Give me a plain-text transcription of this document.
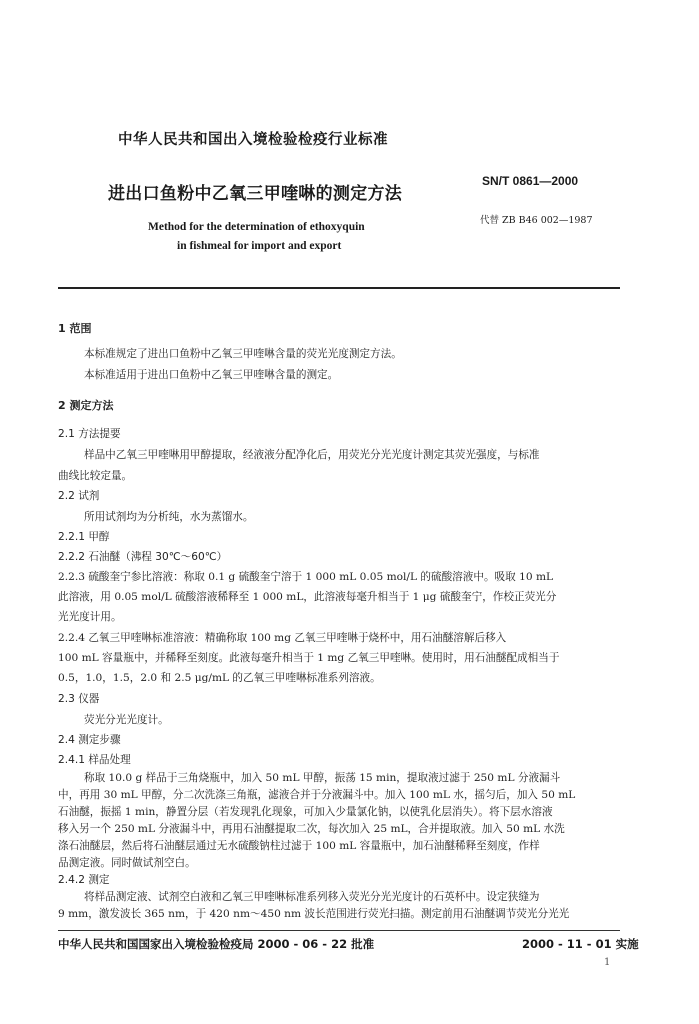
中华人民共和国出入境检验检疫行业标准
进出口鱼粉中乙氧三甲喹啉的测定方法
SN/T 0861—2000
代替 ZB B46 002—1987
Method for the determination of ethoxyquin
in fishmeal for import and export
1 范围
本标准规定了进出口鱼粉中乙氧三甲喹啉含量的荧光光度测定方法。
本标准适用于进出口鱼粉中乙氧三甲喹啉含量的测定。
2 测定方法
2.1 方法提要
样品中乙氧三甲喹啉用甲醇提取，经液液分配净化后，用荧光分光光度计测定其荧光强度，与标准
曲线比较定量。
2.2 试剂
所用试剂均为分析纯，水为蒸馏水。
2.2.1 甲醇
2.2.2 石油醚（沸程 30℃～60℃）
2.2.3 硫酸奎宁参比溶液：称取 0.1 g 硫酸奎宁溶于 1 000 mL 0.05 mol/L 的硫酸溶液中。吸取 10 mL
此溶液，用 0.05 mol/L 硫酸溶液稀释至 1 000 mL，此溶液每毫升相当于 1 μg 硫酸奎宁，作校正荧光分
光光度计用。
2.2.4 乙氧三甲喹啉标准溶液：精确称取 100 mg 乙氧三甲喹啉于烧杯中，用石油醚溶解后移入
100 mL 容量瓶中，并稀释至刻度。此液每毫升相当于 1 mg 乙氧三甲喹啉。使用时，用石油醚配成相当于
0.5，1.0，1.5，2.0 和 2.5 μg/mL 的乙氧三甲喹啉标准系列溶液。
2.3 仪器
荧光分光光度计。
2.4 测定步骤
2.4.1 样品处理
称取 10.0 g 样品于三角烧瓶中，加入 50 mL 甲醇，振荡 15 min，提取液过滤于 250 mL 分液漏斗
中，再用 30 mL 甲醇，分二次洗涤三角瓶，滤液合并于分液漏斗中。加入 100 mL 水，摇匀后，加入 50 mL
石油醚，振摇 1 min，静置分层（若发现乳化现象，可加入少量氯化钠，以使乳化层消失）。将下层水溶液
移入另一个 250 mL 分液漏斗中，再用石油醚提取二次，每次加入 25 mL，合并提取液。加入 50 mL 水洗
涤石油醚层，然后将石油醚层通过无水硫酸钠柱过滤于 100 mL 容量瓶中，加石油醚稀释至刻度，作样
品测定液。同时做试剂空白。
2.4.2 测定
中华人民共和国国家出入境检验检疫局 2000 - 06 - 22 批准	2000 - 11 - 01 实施
1
将样品测定液、试剂空白液和乙氧三甲喹啉标准系列移入荧光分光光度计的石英杯中。设定狭缝为
9 mm，激发波长 365 nm，于 420 nm～450 nm 波长范围进行荧光扫描。测定前用石油醚调节荧光分光光
